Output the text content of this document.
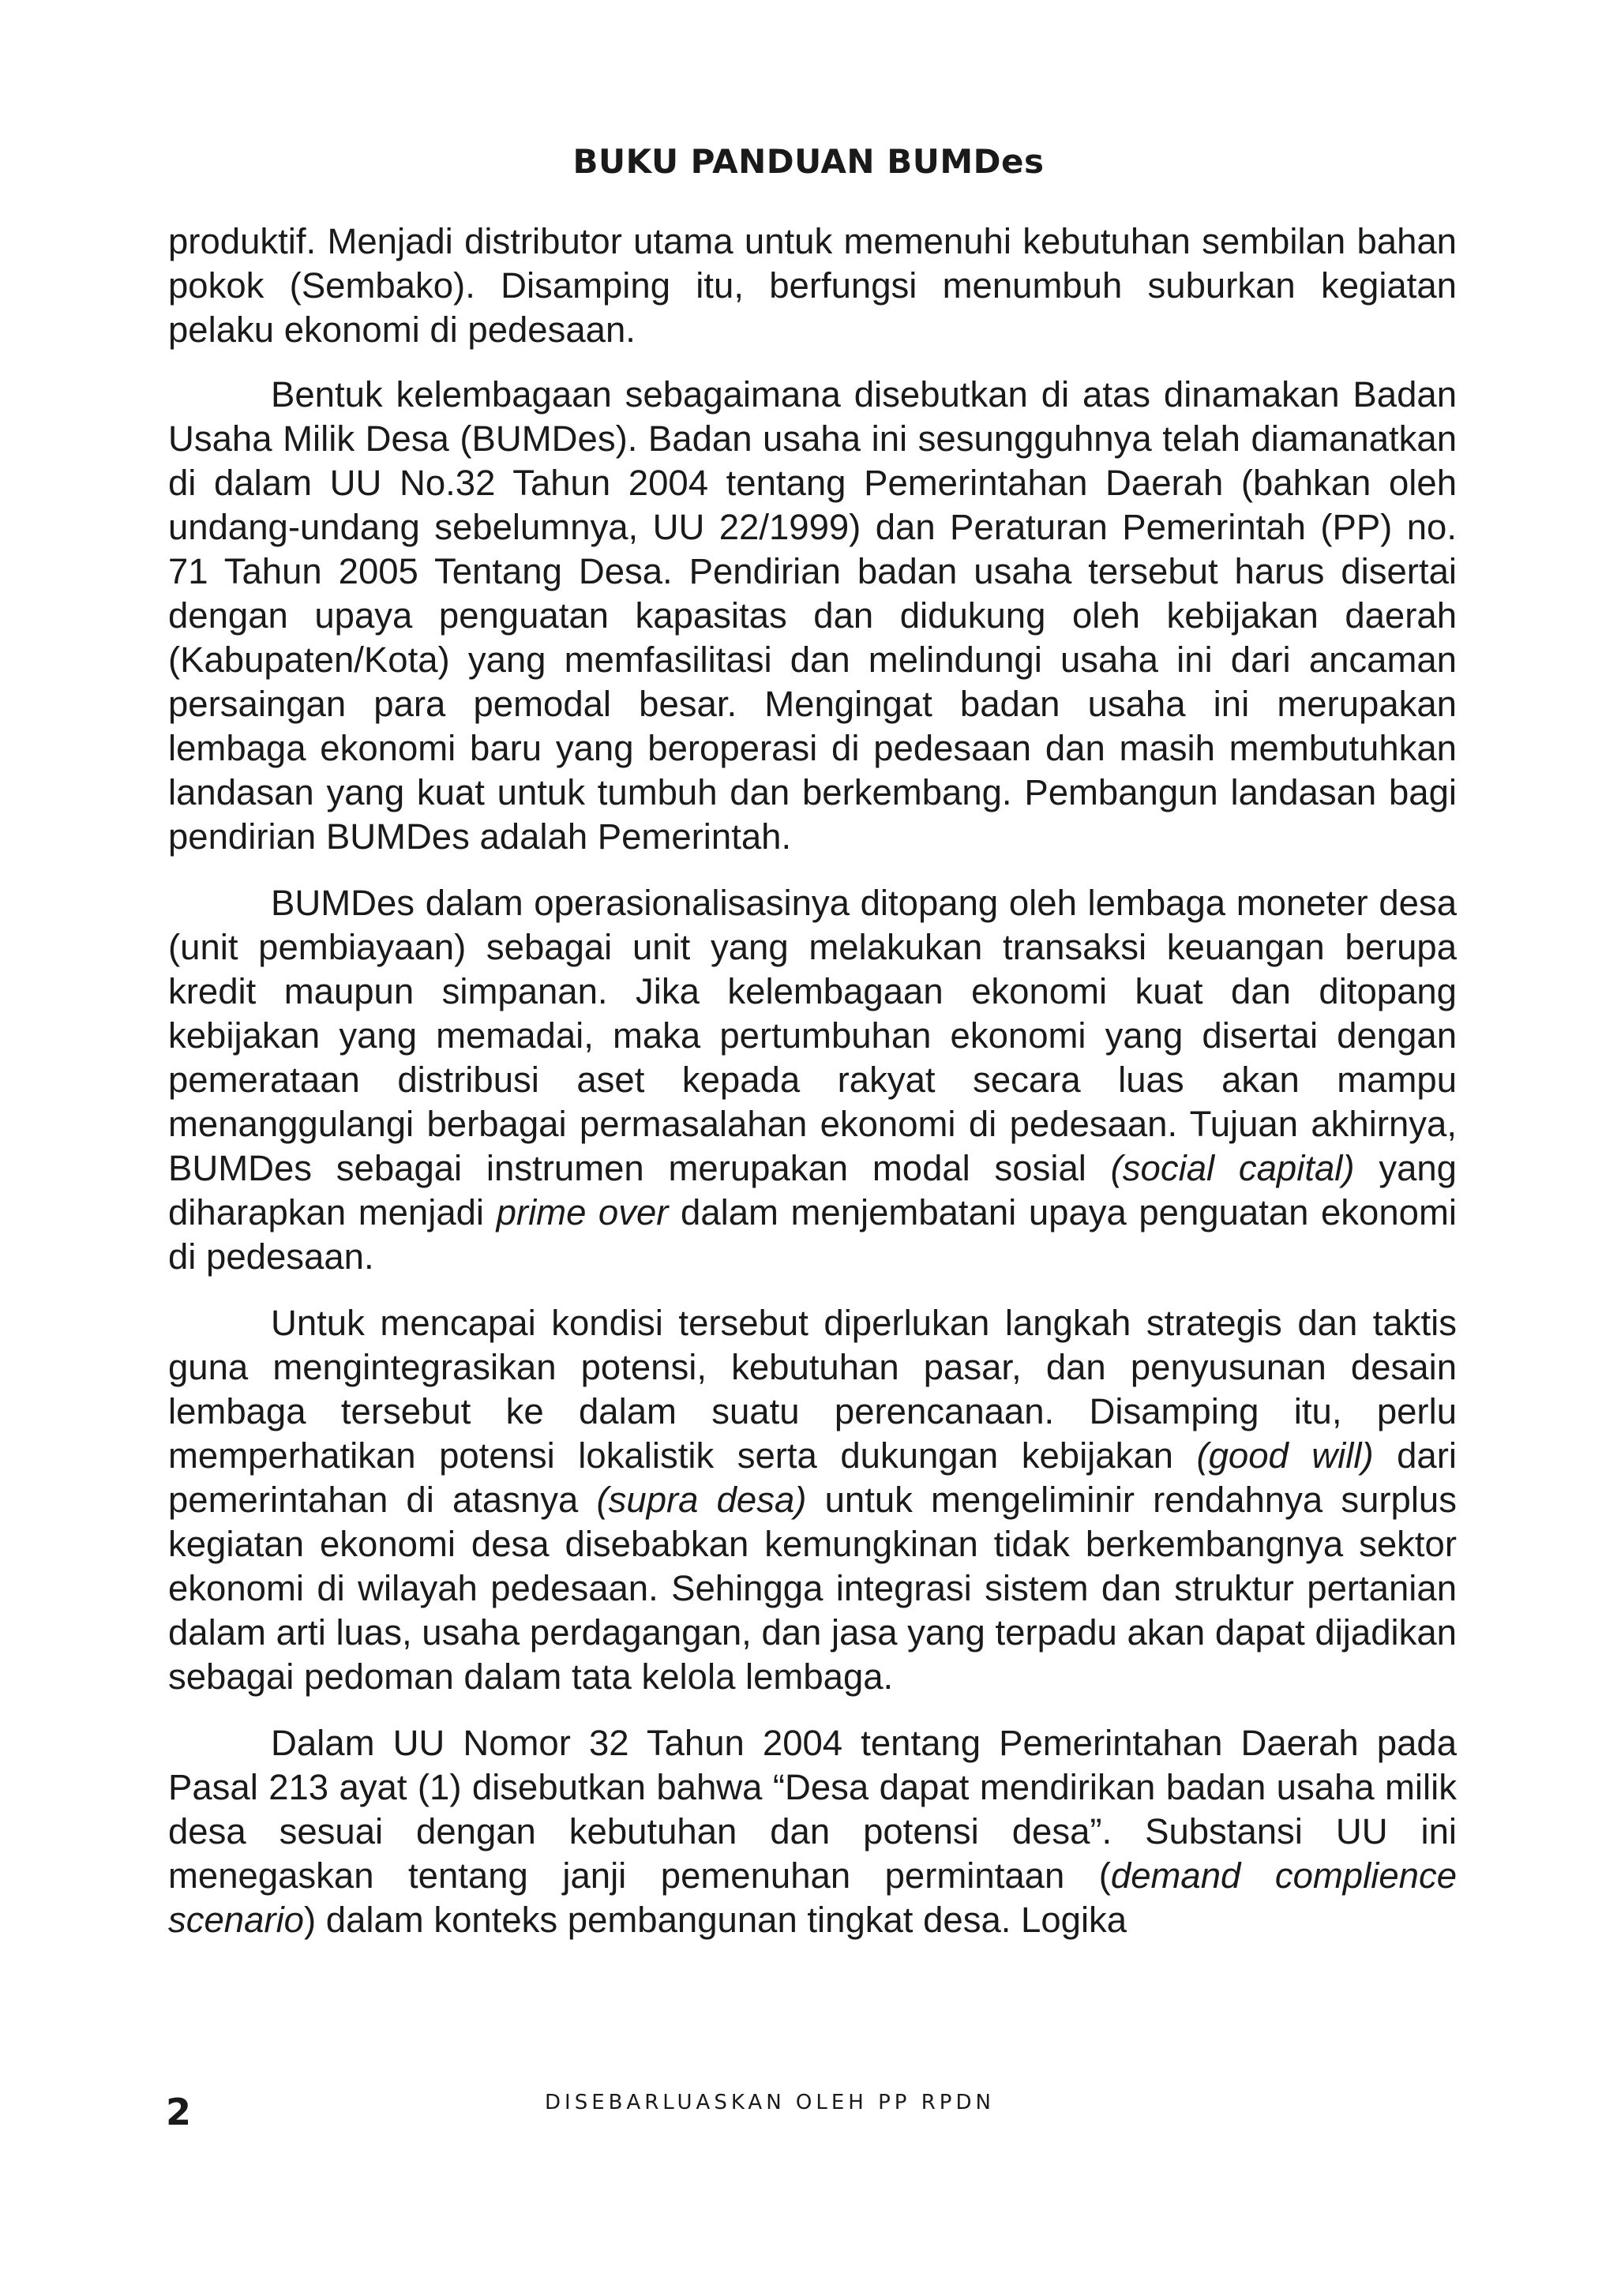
BUKU PANDUAN BUMDes

produktif. Menjadi distributor utama untuk memenuhi kebutuhan sembilan bahan pokok (Sembako). Disamping itu, berfungsi menumbuh suburkan kegiatan pelaku ekonomi di pedesaan.

Bentuk kelembagaan sebagaimana disebutkan di atas dinamakan Badan Usaha Milik Desa (BUMDes). Badan usaha ini sesungguhnya telah diamanatkan di dalam UU No.32 Tahun 2004 tentang Pemerintahan Daerah (bahkan oleh undang-undang sebelumnya, UU 22/1999) dan Peraturan Pemerintah (PP) no. 71 Tahun 2005 Tentang Desa. Pendirian badan usaha tersebut harus disertai dengan upaya penguatan kapasitas dan didukung oleh kebijakan daerah (Kabupaten/Kota) yang memfasilitasi dan melindungi usaha ini dari ancaman persaingan para pemodal besar. Mengingat badan usaha ini merupakan lembaga ekonomi baru yang beroperasi di pedesaan dan masih membutuhkan landasan yang kuat untuk tumbuh dan berkembang. Pembangun landasan bagi pendirian BUMDes adalah Pemerintah.

BUMDes dalam operasionalisasinya ditopang oleh lembaga moneter desa (unit pembiayaan) sebagai unit yang melakukan transaksi keuangan berupa kredit maupun simpanan. Jika kelembagaan ekonomi kuat dan ditopang kebijakan yang memadai, maka pertumbuhan ekonomi yang disertai dengan pemerataan distribusi aset kepada rakyat secara luas akan mampu menanggulangi berbagai permasalahan ekonomi di pedesaan. Tujuan akhirnya, BUMDes sebagai instrumen merupakan modal sosial (social capital) yang diharapkan menjadi prime over dalam menjembatani upaya penguatan ekonomi di pedesaan.

Untuk mencapai kondisi tersebut diperlukan langkah strategis dan taktis guna mengintegrasikan potensi, kebutuhan pasar, dan penyusunan desain lembaga tersebut ke dalam suatu perencanaan. Disamping itu, perlu memperhatikan potensi lokalistik serta dukungan kebijakan (good will) dari pemerintahan di atasnya (supra desa) untuk mengeliminir rendahnya surplus kegiatan ekonomi desa disebabkan kemungkinan tidak berkembangnya sektor ekonomi di wilayah pedesaan. Sehingga integrasi sistem dan struktur pertanian dalam arti luas, usaha perdagangan, dan jasa yang terpadu akan dapat dijadikan sebagai pedoman dalam tata kelola lembaga.

Dalam UU Nomor 32 Tahun 2004 tentang Pemerintahan Daerah pada Pasal 213 ayat (1) disebutkan bahwa “Desa dapat mendirikan badan usaha milik desa sesuai dengan kebutuhan dan potensi desa”. Substansi UU ini menegaskan tentang janji pemenuhan permintaan (demand complience scenario) dalam konteks pembangunan tingkat desa. Logika

2	DISEBARLUASKAN OLEH PP RPDN
